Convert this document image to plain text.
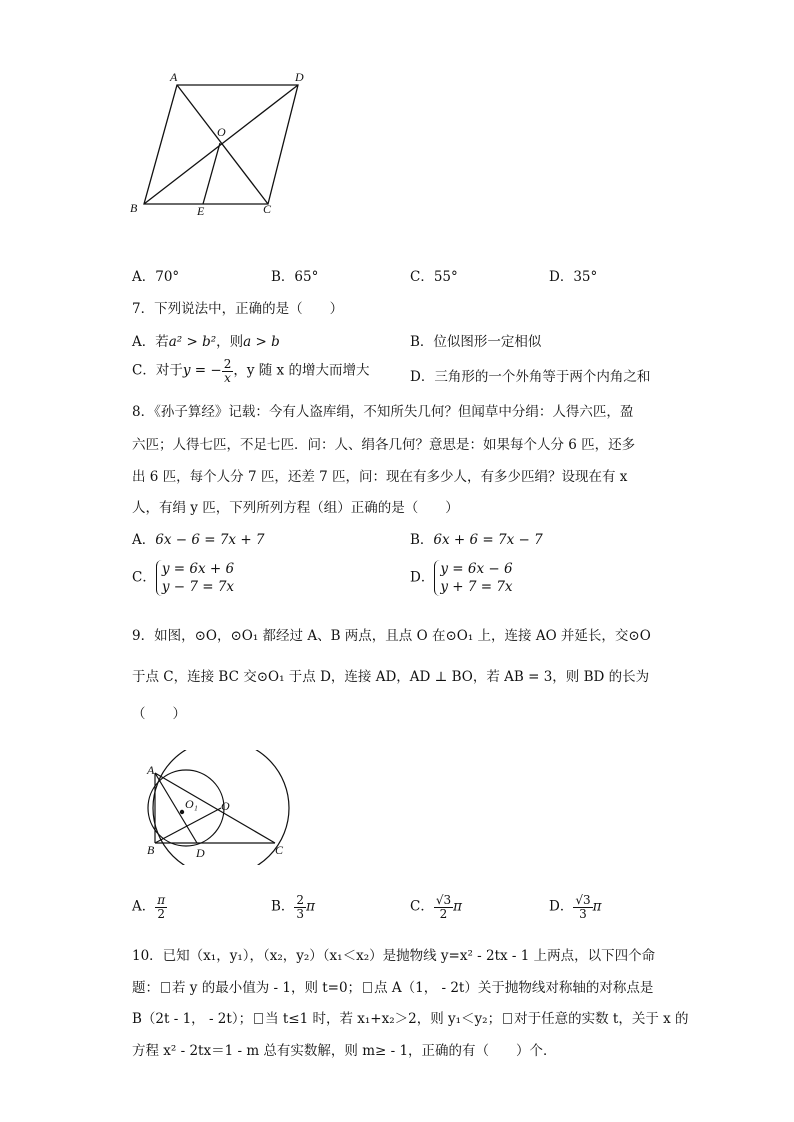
A	D
O
B	E	C
A．70°	B．65°	C．55°	D．35°
7．下列说法中，正确的是（　　）
A．若a² > b²，则a > b	B．位似图形一定相似
C．对于y = − $\frac{2}{x}$ ，y 随 x 的增大而增大	D．三角形的一个外角等于两个内角之和
8．《孙子算经》记载：今有人盗库绢，不知所失几何？但闻草中分绢：人得六匹，盈
六匹；人得七匹，不足七匹．问：人、绢各几何？意思是：如果每个人分 6 匹，还多
出 6 匹，每个人分 7 匹，还差 7 匹，问：现在有多少人，有多少匹绢？设现在有 x
人，有绢 y 匹，下列所列方程（组）正确的是（　　）
A．6x − 6 = 7x + 7	B．6x + 6 = 7x − 7
C．
y = 6x + 6
y − 7 = 7x
D．
y = 6x − 6
y + 7 = 7x
9．如图，⊙O，⊙O₁ 都经过 A、B 两点，且点 O 在⊙O₁ 上，连接 AO 并延长，交⊙O
于点 C，连接 BC 交⊙O₁ 于点 D，连接 AD，AD ⊥ BO，若 AB = 3，则 BD 的长为
（　　）
A
O₁ O
B	D	C
A． $\frac{\pi}{2}$	B． $\frac{2}{3}$ π	C． $\frac{√3}{2}$ π	D． $\frac{√3}{3}$ π
10．已知（x₁，y₁），（x₂，y₂）（x₁＜x₂）是抛物线 y=x² - 2tx - 1 上两点，以下四个命
题： 若 y 的最小值为 - 1，则 t=0； 点 A（1， - 2t）关于抛物线对称轴的对称点是
B（2t - 1， - 2t）； 当 t≤1 时，若 x₁+x₂＞2，则 y₁＜y₂； 对于任意的实数 t，关于 x 的
方程 x² - 2tx＝1 - m 总有实数解，则 m≥ - 1，正确的有（　　）个．
